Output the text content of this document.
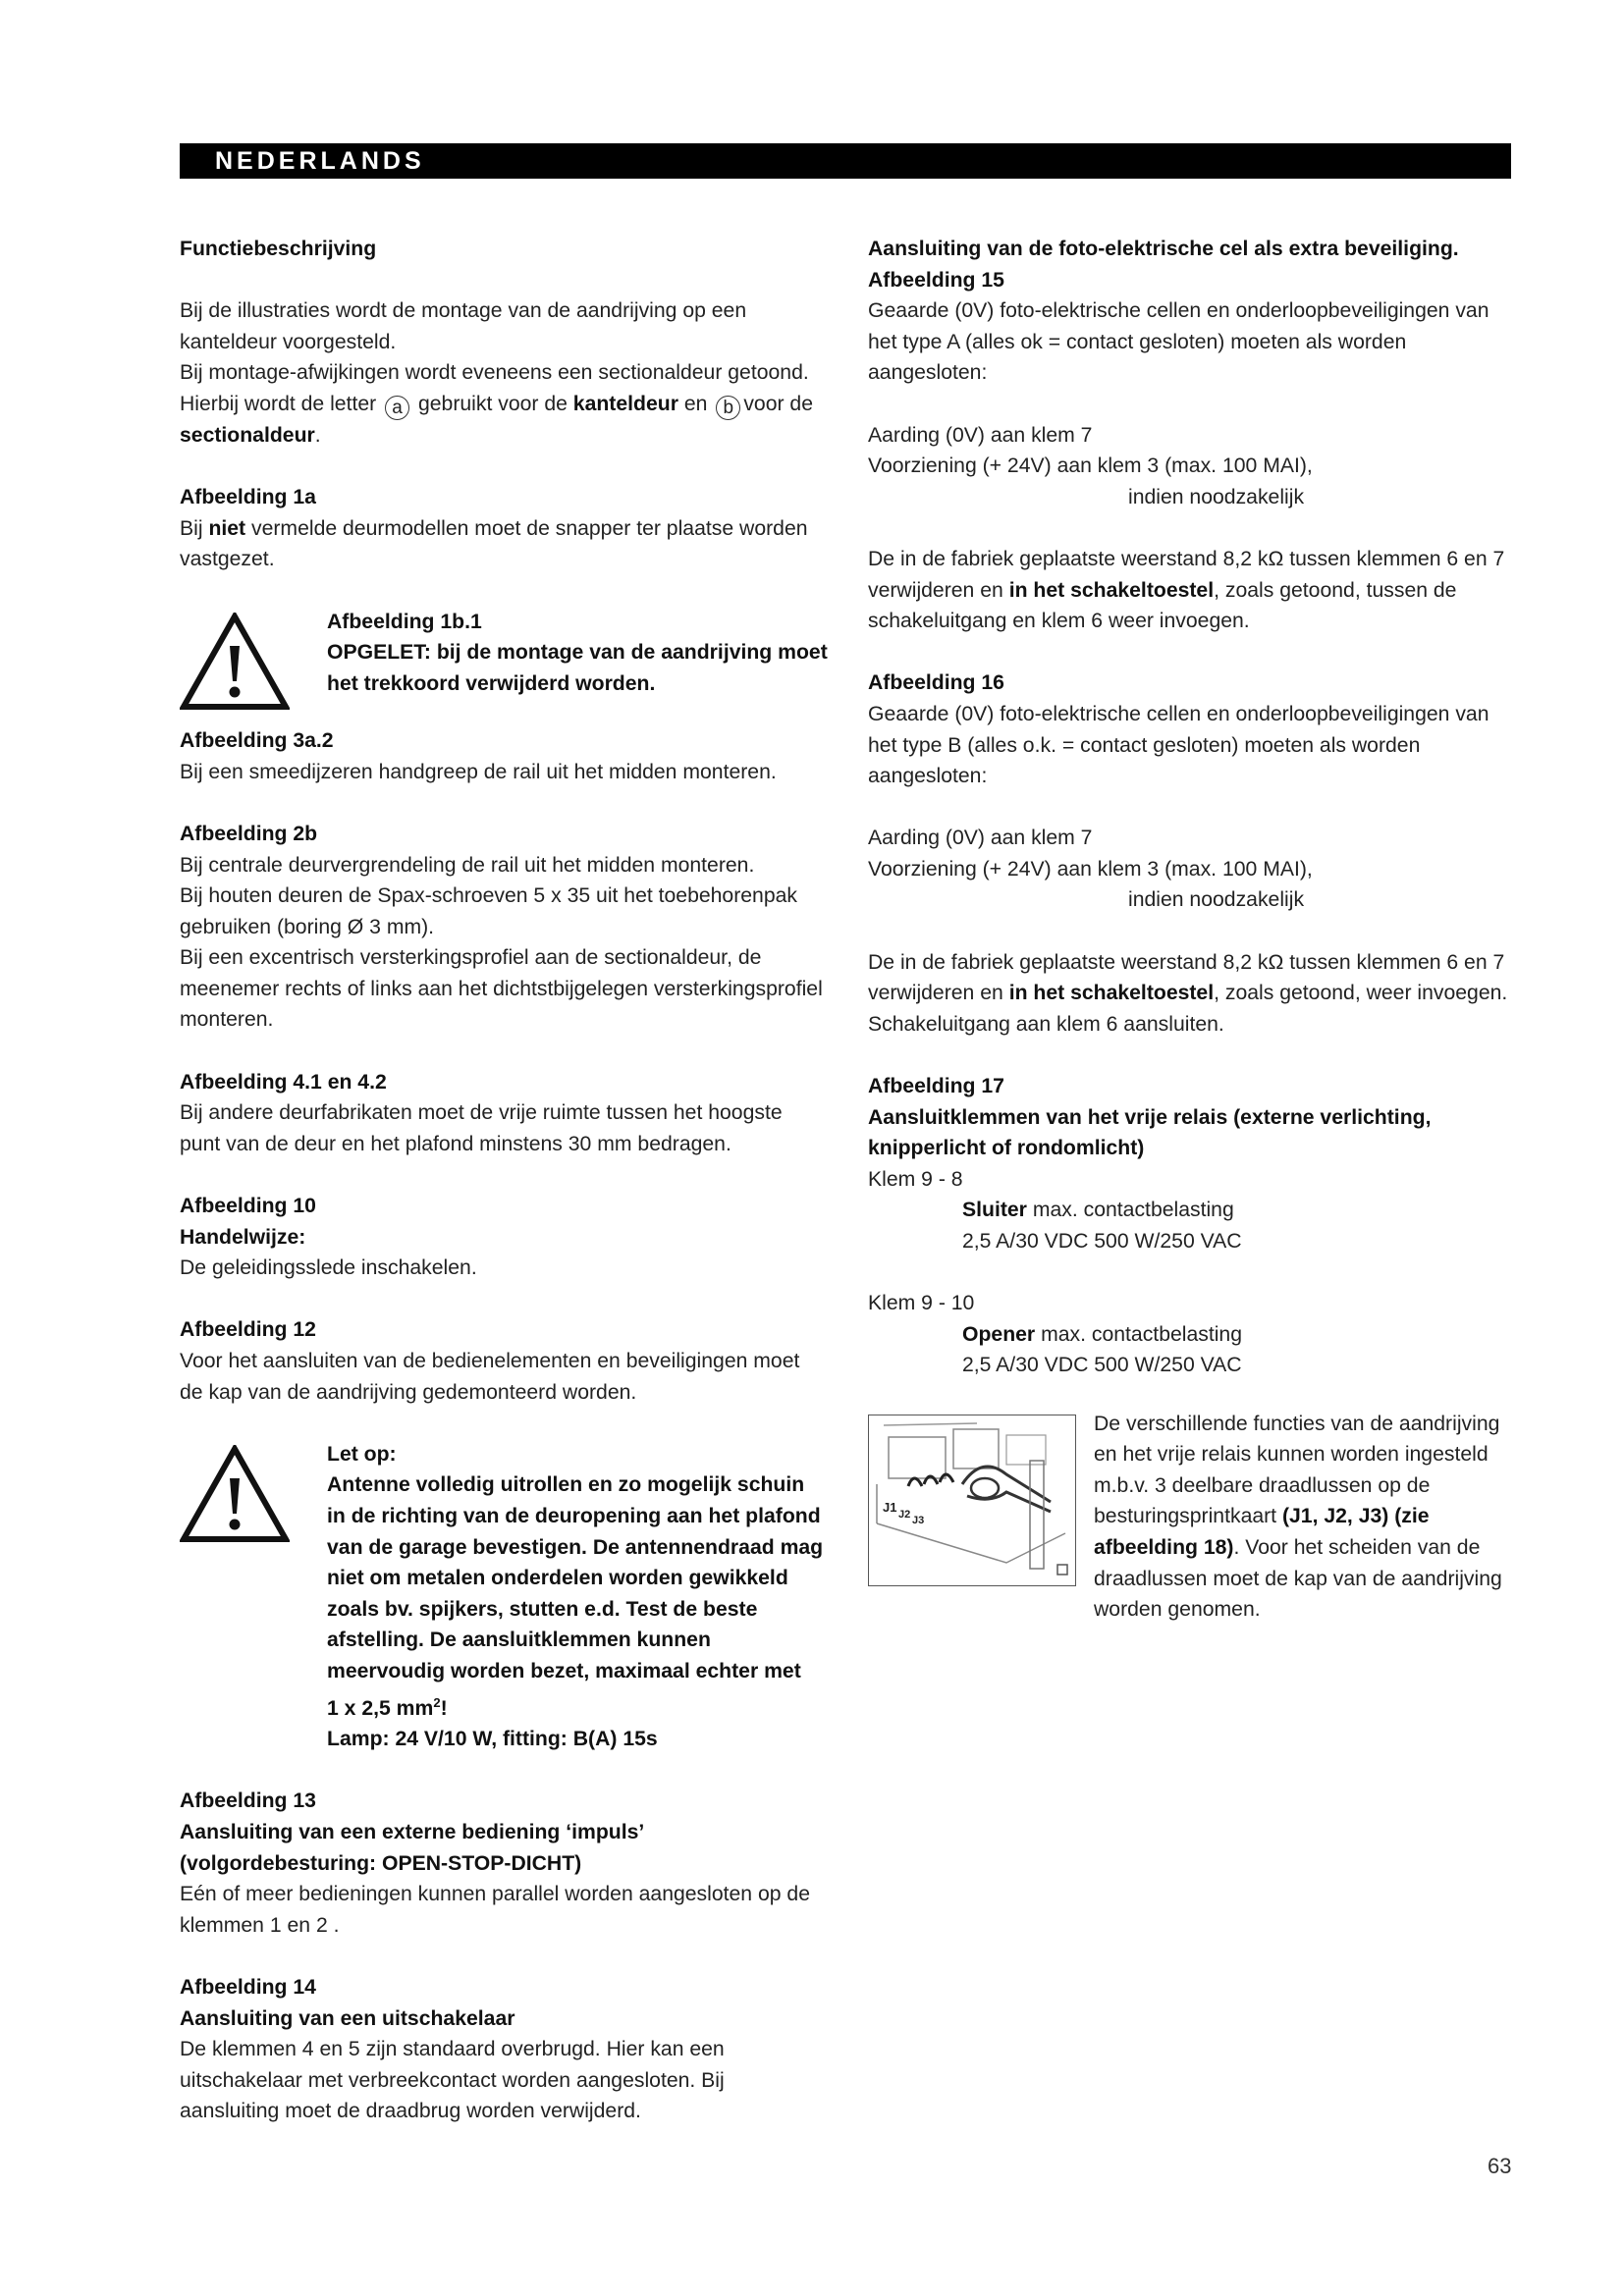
NEDERLANDS

Functiebeschrijving

Bij de illustraties wordt de montage van de aandrijving op een kanteldeur voorgesteld.
Bij montage-afwijkingen wordt eveneens een sectionaldeur getoond. Hierbij wordt de letter a gebruikt voor de kanteldeur en b voor de sectionaldeur.

Afbeelding 1a

Bij niet vermelde deurmodellen moet de snapper ter plaatse worden vastgezet.

Afbeelding 1b.1

OPGELET: bij de montage van de aandrijving moet het trekkoord verwijderd worden.

Afbeelding 3a.2

Bij een smeedijzeren handgreep de rail uit het midden monteren.

Afbeelding 2b

Bij centrale deurvergrendeling de rail uit het midden monteren.

Bij houten deuren de Spax-schroeven 5 x 35 uit het toebehorenpak gebruiken (boring Ø 3 mm).

Bij een excentrisch versterkingsprofiel aan de sectionaldeur, de meenemer rechts of links aan het dichtstbijgelegen versterkingsprofiel monteren.

Afbeelding 4.1 en 4.2

Bij andere deurfabrikaten moet de vrije ruimte tussen het hoogste punt van de deur en het plafond minstens 30 mm bedragen.

Afbeelding 10

Handelwijze:

De geleidingsslede inschakelen.

Afbeelding 12

Voor het aansluiten van de bedienelementen en beveiligingen moet de kap van de aandrijving gedemonteerd worden.

Let op:

Antenne volledig uitrollen en zo mogelijk schuin in de richting van de deuropening aan het plafond van de garage bevestigen. De antennendraad mag niet om metalen onderdelen worden gewikkeld zoals bv. spijkers, stutten e.d. Test de beste afstelling. De aansluitklemmen kunnen meervoudig worden bezet, maximaal echter met

1 x 2,5 $mm^2$!

Lamp: 24 V/10 W, fitting: B(A) 15s

Afbeelding 13

Aansluiting van een externe bediening ‘impuls’

(volgordebesturing: OPEN-STOP-DICHT)

Eén of meer bedieningen kunnen parallel worden aangesloten op de klemmen 1 en 2 .

Afbeelding 14

Aansluiting van een uitschakelaar

De klemmen 4 en 5 zijn standaard overbrugd. Hier kan een uitschakelaar met verbreekcontact worden aangesloten. Bij aansluiting moet de draadbrug worden verwijderd.

Aansluiting van de foto-elektrische cel als extra beveiliging.

Afbeelding 15

Geaarde (0V) foto-elektrische cellen en onderloopbeveiligingen van het type A (alles ok = contact gesloten) moeten als worden aangesloten:

Aarding (0V) aan klem 7

Voorziening (+ 24V) aan klem 3 (max. 100 MAI),

indien noodzakelijk

De in de fabriek geplaatste weerstand 8,2 kΩ tussen klemmen 6 en 7 verwijderen en in het schakeltoestel, zoals getoond, tussen de schakeluitgang en klem 6 weer invoegen.

Afbeelding 16

Geaarde (0V) foto-elektrische cellen en onderloopbeveiligingen van het type B (alles o.k. = contact gesloten) moeten als worden aangesloten:

Aarding (0V) aan klem 7

Voorziening (+ 24V) aan klem 3 (max. 100 MAI),

indien noodzakelijk

De in de fabriek geplaatste weerstand 8,2 kΩ tussen klemmen 6 en 7 verwijderen en in het schakeltoestel, zoals getoond, weer invoegen. Schakeluitgang aan klem 6 aansluiten.

Afbeelding 17

Aansluitklemmen van het vrije relais (externe verlichting, knipperlicht of rondomlicht)

Klem 9 - 8

Sluiter max. contactbelasting

2,5 A/30 VDC 500 W/250 VAC

Klem 9 - 10

Opener max. contactbelasting

2,5 A/30 VDC 500 W/250 VAC

J1 J2 J3

De verschillende functies van de aandrijving en het vrije relais kunnen worden ingesteld m.b.v. 3 deelbare draadlussen op de besturingsprintkaart (J1, J2, J3) (zie afbeelding 18). Voor het scheiden van de draadlussen moet de kap van de aandrijving worden genomen.

63
